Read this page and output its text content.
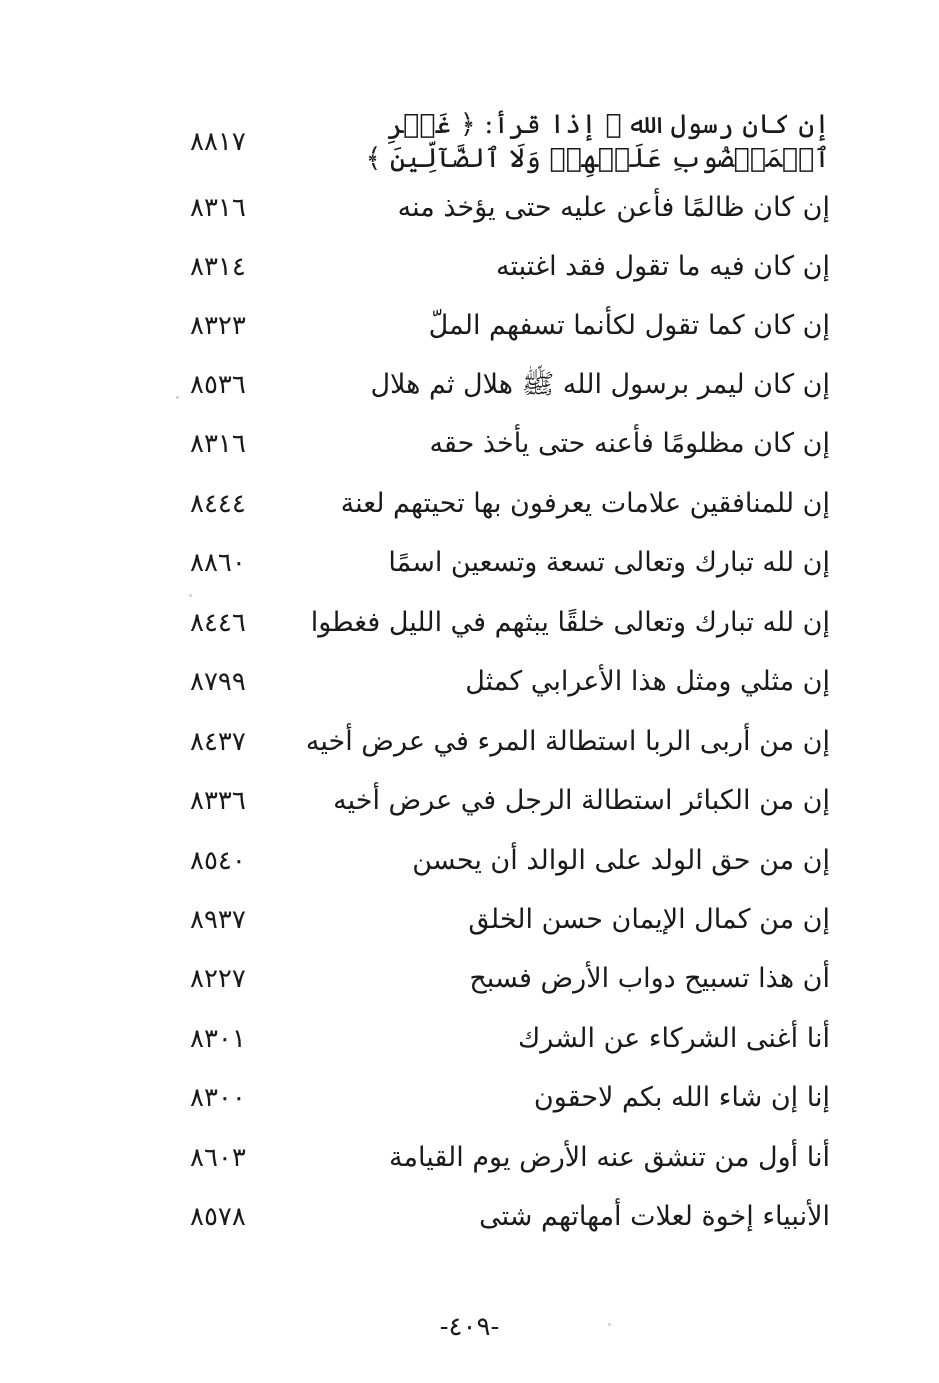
إن كان رسول الله ﷺ إذا قرأ: ﴿ غَيۡرِ ٱلۡمَغۡضُوبِ عَلَيۡهِمۡ وَلَا ٱلضَّآلِّينَ ﴾
٨٨١٧
إن كان ظالمًا فأعن عليه حتى يؤخذ منه
٨٣١٦
إن كان فيه ما تقول فقد اغتبته
٨٣١٤
إن كان كما تقول لكأنما تسفهم الملّ
٨٣٢٣
إن كان ليمر برسول الله ﷺ هلال ثم هلال
٨٥٣٦
إن كان مظلومًا فأعنه حتى يأخذ حقه
٨٣١٦
إن للمنافقين علامات يعرفون بها تحيتهم لعنة
٨٤٤٤
إن لله تبارك وتعالى تسعة وتسعين اسمًا
٨٨٦٠
إن لله تبارك وتعالى خلقًا يبثهم في الليل فغطوا
٨٤٤٦
إن مثلي ومثل هذا الأعرابي كمثل
٨٧٩٩
إن من أربى الربا استطالة المرء في عرض أخيه
٨٤٣٧
إن من الكبائر استطالة الرجل في عرض أخيه
٨٣٣٦
إن من حق الولد على الوالد أن يحسن
٨٥٤٠
إن من كمال الإيمان حسن الخلق
٨٩٣٧
أن هذا تسبيح دواب الأرض فسبح
٨٢٢٧
أنا أغنى الشركاء عن الشرك
٨٣٠١
إنا إن شاء الله بكم لاحقون
٨٣٠٠
أنا أول من تنشق عنه الأرض يوم القيامة
٨٦٠٣
الأنبياء إخوة لعلات أمهاتهم شتى
٨٥٧٨
-٤٠٩-
